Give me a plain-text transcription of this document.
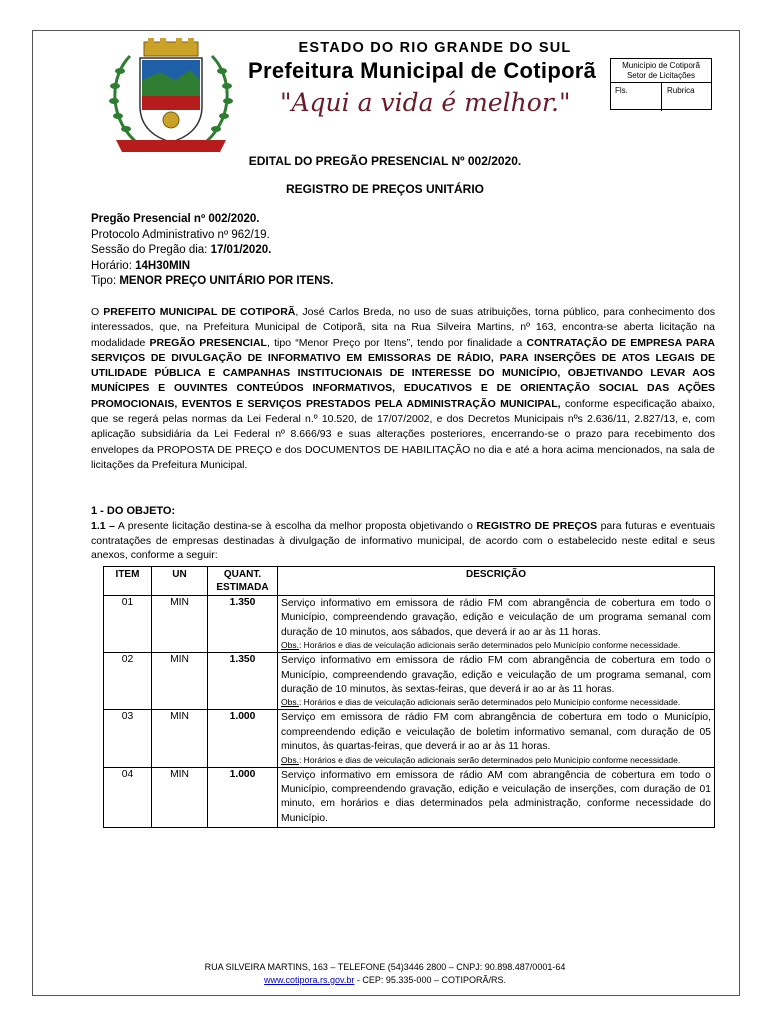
ESTADO DO RIO GRANDE DO SUL
Prefeitura Municipal de Cotiporã
"Aqui a vida é melhor."
Município de Cotiporã
Setor de Licitações
Fls.	Rubrica
EDITAL DO PREGÃO PRESENCIAL Nº 002/2020.
REGISTRO DE PREÇOS UNITÁRIO
Pregão Presencial nº 002/2020.
Protocolo Administrativo nº 962/19.
Sessão do Pregão dia: 17/01/2020.
Horário: 14H30MIN
Tipo: MENOR PREÇO UNITÁRIO POR ITENS.
O PREFEITO MUNICIPAL DE COTIPORÃ, José Carlos Breda, no uso de suas atribuições, torna público, para conhecimento dos interessados, que, na Prefeitura Municipal de Cotiporã, sita na Rua Silveira Martins, nº 163, encontra-se aberta licitação na modalidade PREGÃO PRESENCIAL, tipo “Menor Preço por Itens”, tendo por finalidade a CONTRATAÇÃO DE EMPRESA PARA SERVIÇOS DE DIVULGAÇÃO DE INFORMATIVO EM EMISSORAS DE RÁDIO, PARA INSERÇÕES DE ATOS LEGAIS DE UTILIDADE PÚBLICA E CAMPANHAS INSTITUCIONAIS DE INTERESSE DO MUNICÍPIO, OBJETIVANDO LEVAR AOS MUNÍCIPES E OUVINTES CONTEÚDOS INFORMATIVOS, EDUCATIVOS E DE ORIENTAÇÃO SOCIAL DAS AÇÕES PROMOCIONAIS, EVENTOS E SERVIÇOS PRESTADOS PELA ADMINISTRAÇÃO MUNICIPAL, conforme especificação abaixo, que se regerá pelas normas da Lei Federal n.º 10.520, de 17/07/2002, e dos Decretos Municipais nºs 2.636/11, 2.827/13, e, com aplicação subsidiária da Lei Federal nº 8.666/93 e suas alterações posteriores, encerrando-se o prazo para recebimento dos envelopes da PROPOSTA DE PREÇO e dos DOCUMENTOS DE HABILITAÇÃO no dia e até a hora acima mencionados, na sala de licitações da Prefeitura Municipal.
1 - DO OBJETO:
1.1 – A presente licitação destina-se à escolha da melhor proposta objetivando o REGISTRO DE PREÇOS para futuras e eventuais contratações de empresas destinadas à divulgação de informativo municipal, de acordo com o estabelecido neste edital e seus anexos, conforme a seguir:
ITEM	UN	QUANT. ESTIMADA	DESCRIÇÃO
01	MIN	1.350	Serviço informativo em emissora de rádio FM com abrangência de cobertura em todo o Município, compreendendo gravação, edição e veiculação de um programa semanal com duração de 10 minutos, aos sábados, que deverá ir ao ar às 11 horas.
Obs.: Horários e dias de veiculação adicionais serão determinados pelo Município conforme necessidade.

02	MIN	1.350	Serviço informativo em emissora de rádio FM com abrangência de cobertura em todo o Município, compreendendo gravação, edição e veiculação de um programa semanal, com duração de 10 minutos, às sextas-feiras, que deverá ir ao ar às 11 horas.
Obs.: Horários e dias de veiculação adicionais serão determinados pelo Município conforme necessidade.

03	MIN	1.000	Serviço em emissora de rádio FM com abrangência de cobertura em todo o Município, compreendendo edição e veiculação de boletim informativo semanal, com duração de 05 minutos, às quartas-feiras, que deverá ir ao ar às 11 horas.
Obs.: Horários e dias de veiculação adicionais serão determinados pelo Município conforme necessidade.

04	MIN	1.000	Serviço informativo em emissora de rádio AM com abrangência de cobertura em todo o Município, compreendendo gravação, edição e veiculação de inserções, com duração de 01 minuto, em horários e dias determinados pela administração, conforme necessidade do Município.
RUA SILVEIRA MARTINS, 163 – TELEFONE (54)3446 2800 – CNPJ: 90.898.487/0001-64
www.cotipora.rs.gov.br - CEP: 95.335-000 – COTIPORÃ/RS.
